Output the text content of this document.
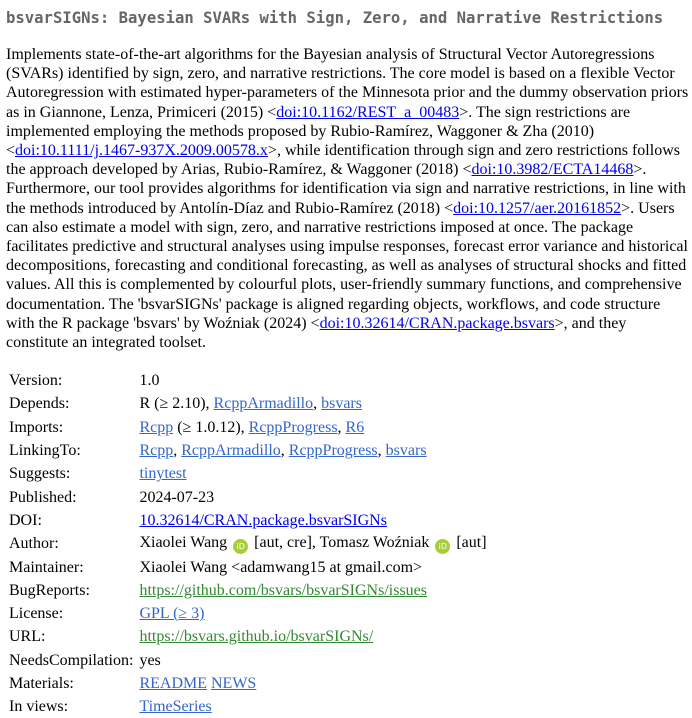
bsvarSIGNs: Bayesian SVARs with Sign, Zero, and Narrative Restrictions

Implements state-of-the-art algorithms for the Bayesian analysis of Structural Vector Autoregressions (SVARs) identified by sign, zero, and narrative restrictions. The core model is based on a flexible Vector Autoregression with estimated hyper-parameters of the Minnesota prior and the dummy observation priors as in Giannone, Lenza, Primiceri (2015) <doi:10.1162/REST_a_00483>. The sign restrictions are implemented employing the methods proposed by Rubio-Ramírez, Waggoner & Zha (2010) <doi:10.1111/j.1467-937X.2009.00578.x>, while identification through sign and zero restrictions follows the approach developed by Arias, Rubio-Ramírez, & Waggoner (2018) <doi:10.3982/ECTA14468>. Furthermore, our tool provides algorithms for identification via sign and narrative restrictions, in line with the methods introduced by Antolín-Díaz and Rubio-Ramírez (2018) <doi:10.1257/aer.20161852>. Users can also estimate a model with sign, zero, and narrative restrictions imposed at once. The package facilitates predictive and structural analyses using impulse responses, forecast error variance and historical decompositions, forecasting and conditional forecasting, as well as analyses of structural shocks and fitted values. All this is complemented by colourful plots, user-friendly summary functions, and comprehensive documentation. The 'bsvarSIGNs' package is aligned regarding objects, workflows, and code structure with the R package 'bsvars' by Woźniak (2024) <doi:10.32614/CRAN.package.bsvars>, and they constitute an integrated toolset.

Version:	1.0
Depends:	R (≥ 2.10), RcppArmadillo, bsvars
Imports:	Rcpp (≥ 1.0.12), RcppProgress, R6
LinkingTo:	Rcpp, RcppArmadillo, RcppProgress, bsvars
Suggests:	tinytest
Published:	2024-07-23
DOI:	10.32614/CRAN.package.bsvarSIGNs
Author:	Xiaolei Wang iD [aut, cre], Tomasz Woźniak iD [aut]
Maintainer:	Xiaolei Wang <adamwang15 at gmail.com>
BugReports:	https://github.com/bsvars/bsvarSIGNs/issues
License:	GPL (≥ 3)
URL:	https://bsvars.github.io/bsvarSIGNs/
NeedsCompilation:	yes
Materials:	README NEWS
In views:	TimeSeries
